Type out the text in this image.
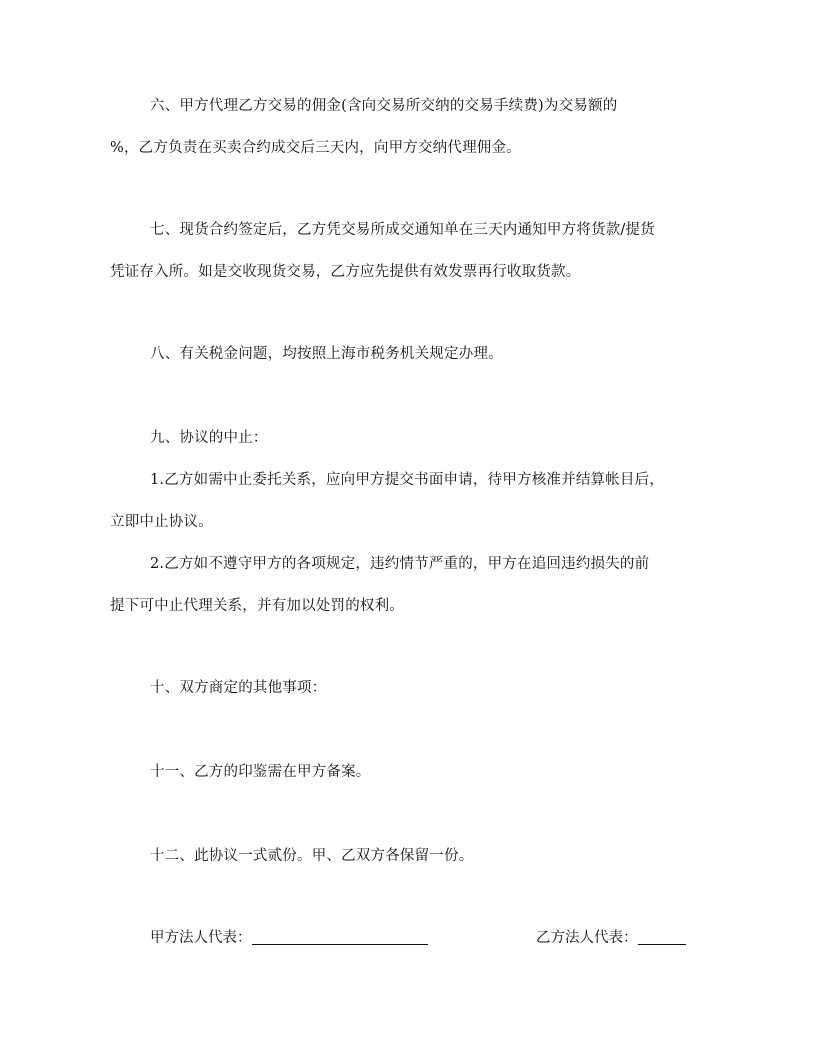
六、甲方代理乙方交易的佣金(含向交易所交纳的交易手续费)为交易额的
%，乙方负责在买卖合约成交后三天内，向甲方交纳代理佣金。
七、现货合约签定后，乙方凭交易所成交通知单在三天内通知甲方将货款/提货
凭证存入所。如是交收现货交易，乙方应先提供有效发票再行收取货款。
八、有关税金问题，均按照上海市税务机关规定办理。
九、协议的中止：
1.乙方如需中止委托关系，应向甲方提交书面申请，待甲方核准并结算帐目后，
立即中止协议。
2.乙方如不遵守甲方的各项规定，违约情节严重的，甲方在追回违约损失的前
提下可中止代理关系，并有加以处罚的权利。
十、双方商定的其他事项：
十一、乙方的印鉴需在甲方备案。
十二、此协议一式贰份。甲、乙双方各保留一份。
甲方法人代表：	乙方法人代表：
